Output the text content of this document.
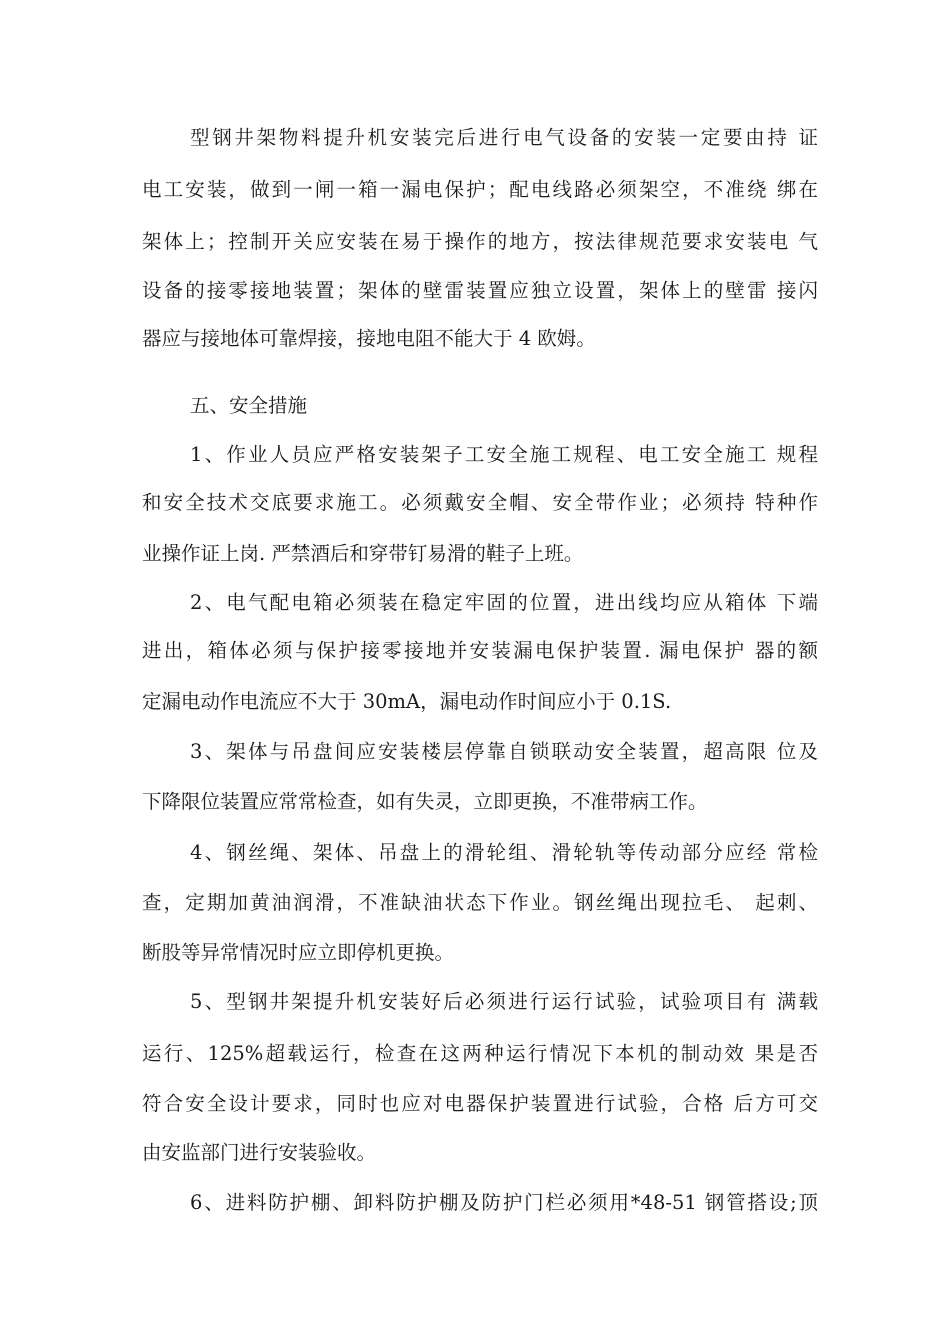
型钢井架物料提升机安装完后进行电气设备的安装一定要由持 证
电工安装，做到一闸一箱一漏电保护；配电线路必须架空，不准绕 绑在
架体上；控制开关应安装在易于操作的地方，按法律规范要求安装电 气
设备的接零接地装置；架体的壁雷装置应独立设置，架体上的壁雷 接闪
器应与接地体可靠焊接，接地电阻不能大于 4 欧姆。
五、安全措施
1、作业人员应严格安装架子工安全施工规程、电工安全施工 规程
和安全技术交底要求施工。必须戴安全帽、安全带作业；必须持 特种作
业操作证上岗. 严禁酒后和穿带钉易滑的鞋子上班。
2、电气配电箱必须装在稳定牢固的位置，进出线均应从箱体 下端
进出，箱体必须与保护接零接地并安装漏电保护装置. 漏电保护 器的额
定漏电动作电流应不大于 30mA，漏电动作时间应小于 0.1S.
3、架体与吊盘间应安装楼层停靠自锁联动安全装置，超高限 位及
下降限位装置应常常检查，如有失灵，立即更换，不准带病工作。
4、钢丝绳、架体、吊盘上的滑轮组、滑轮轨等传动部分应经 常检
查，定期加黄油润滑，不准缺油状态下作业。钢丝绳出现拉毛、 起刺、
断股等异常情况时应立即停机更换。
5、型钢井架提升机安装好后必须进行运行试验，试验项目有 满载
运行、125%超载运行，检查在这两种运行情况下本机的制动效 果是否
符合安全设计要求，同时也应对电器保护装置进行试验，合格 后方可交
由安监部门进行安装验收。
6、进料防护棚、卸料防护棚及防护门栏必须用*48-51 钢管搭设;顶
